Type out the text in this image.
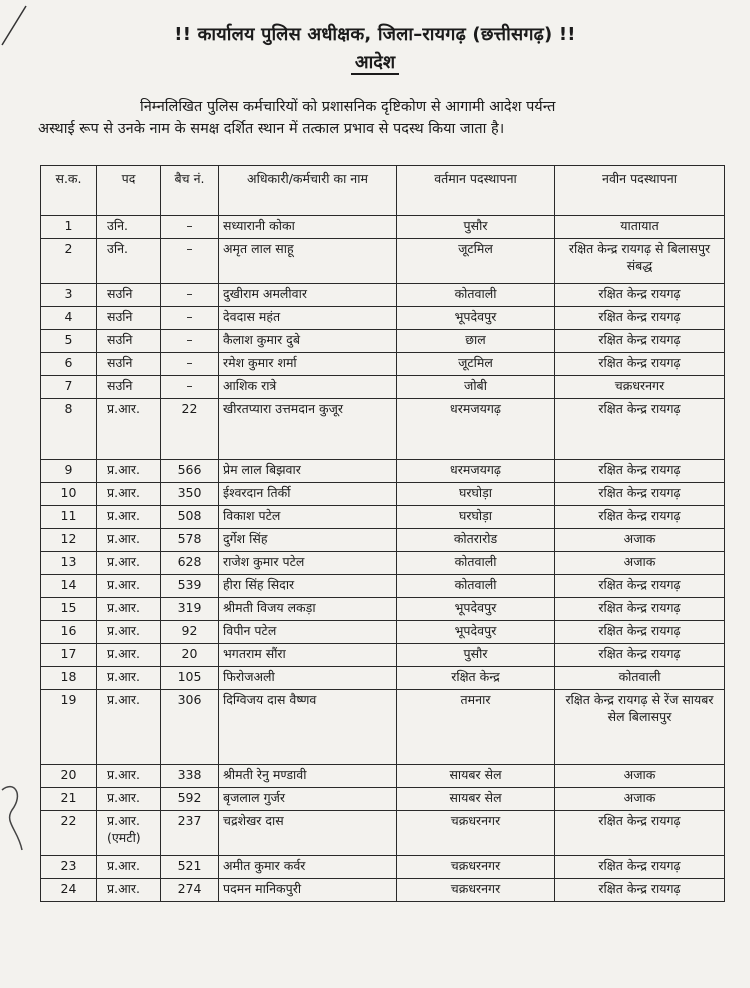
!! कार्यालय पुलिस अधीक्षक, जिला–रायगढ़ (छत्तीसगढ़) !!
आदेश
निम्नलिखित पुलिस कर्मचारियों को प्रशासनिक दृष्टिकोण से आगामी आदेश पर्यन्त
अस्थाई रूप से उनके नाम के समक्ष दर्शित स्थान में तत्काल प्रभाव से पदस्थ किया जाता है।
स.क.	पद	बैच नं.	अधिकारी/कर्मचारी का नाम	वर्तमान पदस्थापना	नवीन पदस्थापना
1	उनि.	–	सध्यारानी कोका	पुसौर	यातायात
2	उनि.	–	अमृत लाल साहू	जूटमिल	रक्षित केन्द्र रायगढ़ से बिलासपुर संबद्ध
3	सउनि	–	दुखीराम अमलीवार	कोतवाली	रक्षित केन्द्र रायगढ़
4	सउनि	–	देवदास महंत	भूपदेवपुर	रक्षित केन्द्र रायगढ़
5	सउनि	–	कैलाश कुमार दुबे	छाल	रक्षित केन्द्र रायगढ़
6	सउनि	–	रमेश कुमार शर्मा	जूटमिल	रक्षित केन्द्र रायगढ़
7	सउनि	–	आशिक रात्रे	जोबी	चक्रधरनगर
8	प्र.आर.	22	खीरतप्यारा उत्तमदान कुजूर	धरमजयगढ़	रक्षित केन्द्र रायगढ़
9	प्र.आर.	566	प्रेम लाल बिझवार	धरमजयगढ़	रक्षित केन्द्र रायगढ़
10	प्र.आर.	350	ईश्वरदान तिर्की	घरघोड़ा	रक्षित केन्द्र रायगढ़
11	प्र.आर.	508	विकाश पटेल	घरघोड़ा	रक्षित केन्द्र रायगढ़
12	प्र.आर.	578	दुर्गेश सिंह	कोतरारोड	अजाक
13	प्र.आर.	628	राजेश कुमार पटेल	कोतवाली	अजाक
14	प्र.आर.	539	हीरा सिंह सिदार	कोतवाली	रक्षित केन्द्र रायगढ़
15	प्र.आर.	319	श्रीमती विजय लकड़ा	भूपदेवपुर	रक्षित केन्द्र रायगढ़
16	प्र.आर.	92	विपीन पटेल	भूपदेवपुर	रक्षित केन्द्र रायगढ़
17	प्र.आर.	20	भगतराम सौंरा	पुसौर	रक्षित केन्द्र रायगढ़
18	प्र.आर.	105	फिरोजअली	रक्षित केन्द्र	कोतवाली
19	प्र.आर.	306	दिग्विजय दास वैष्णव	तमनार	रक्षित केन्द्र रायगढ़ से रेंज सायबर सेल बिलासपुर
20	प्र.आर.	338	श्रीमती रेनु मण्डावी	सायबर सेल	अजाक
21	प्र.आर.	592	बृजलाल गुर्जर	सायबर सेल	अजाक
22	प्र.आर. (एमटी)	237	चद्रशेखर दास	चक्रधरनगर	रक्षित केन्द्र रायगढ़
23	प्र.आर.	521	अमीत कुमार कर्वर	चक्रधरनगर	रक्षित केन्द्र रायगढ़
24	प्र.आर.	274	पदमन मानिकपुरी	चक्रधरनगर	रक्षित केन्द्र रायगढ़
